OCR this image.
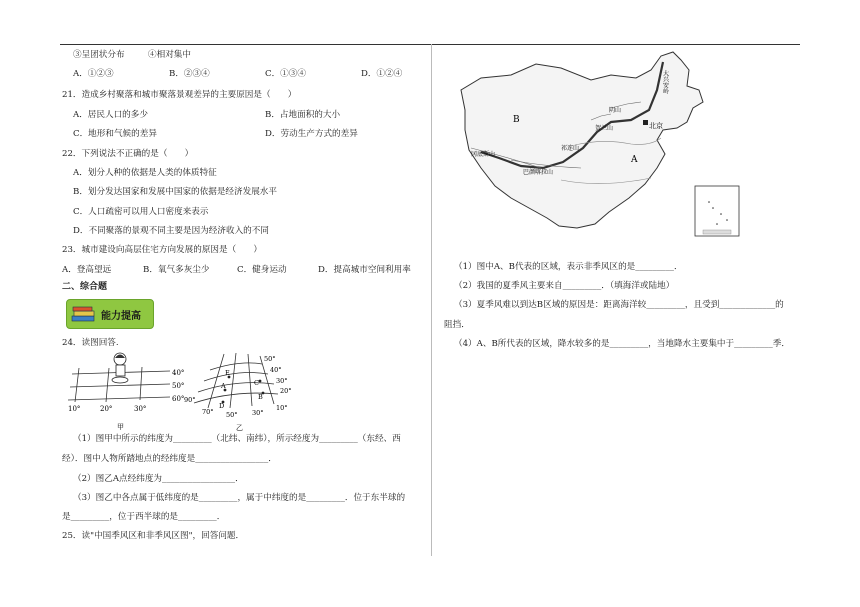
③呈团状分布	④相对集中
A．①②③	B．②③④	C．①③④	D．①②④
21．造成乡村聚落和城市聚落景观差异的主要原因是（　　）
A．居民人口的多少	B．占地面积的大小
C．地形和气候的差异	D．劳动生产方式的差异
22．下列说法不正确的是（　　）
A．划分人种的依据是人类的体质特征
B．划分发达国家和发展中国家的依据是经济发展水平
C．人口疏密可以用人口密度来表示
D．不同聚落的景观不同主要是因为经济收入的不同
23．城市建设向高层住宅方向发展的原因是（　　）
A．登高望远	B．氧气多灰尘少	C．健身运动	D．提高城市空间利用率
二、综合题
能力提高
24．读图回答.
40°
50°
60°
10°	20°	30°
甲
E
A	C
B
D
50°
40°
30°
20°
90°
70° 50° 30°
10°
乙
（1）图甲中所示的纬度为_________（北纬、南纬），所示经度为_________（东经、西
经）．图中人物所踏地点的经纬度是_________________．
（2）图乙A点经纬度为_________________．
（3）图乙中各点属于低纬度的是_________，属于中纬度的是_________．位于东半球的
是_________，位于西半球的是_________．
25．读"中国季风区和非季风区图"，回答问题．
北京
B
A
大兴安岭
阴山
贺兰山
祁连山
巴颜喀拉山
冈底斯山
（1）图中A、B代表的区域，表示非季风区的是_________．
（2）我国的夏季风主要来自_________．（填海洋或陆地）
（3）夏季风难以到达B区域的原因是：距离海洋较_________，且受到_____________的
阻挡．
（4）A、B所代表的区域，降水较多的是_________，当地降水主要集中于_________季．
